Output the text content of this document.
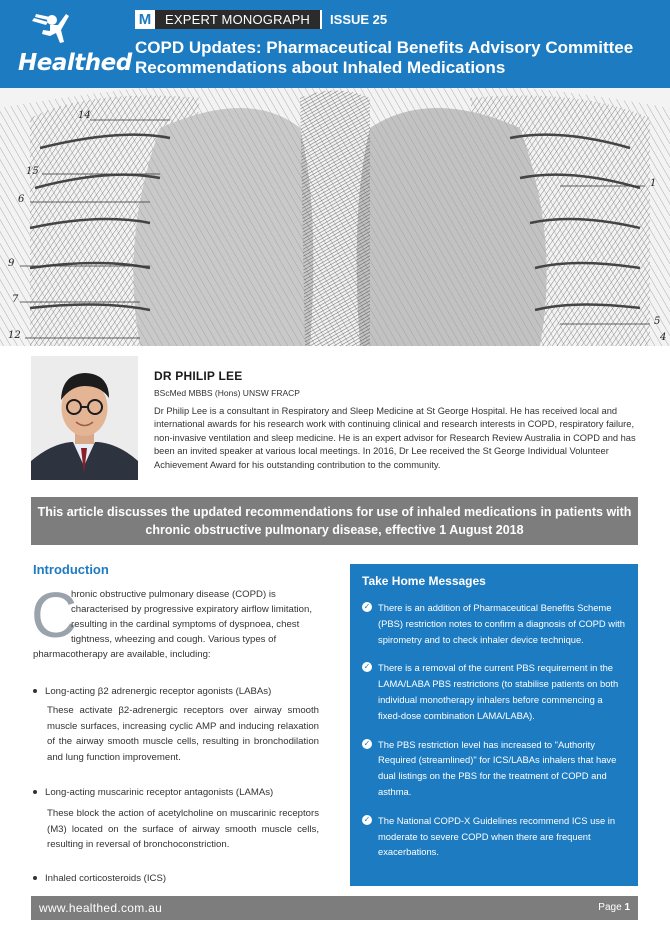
Healthed
M	EXPERT MONOGRAPH	ISSUE 25
COPD Updates: Pharmaceutical Benefits Advisory Committee Recommendations about Inhaled Medications
14
15
6
9
7
12
1
5
4
DR PHILIP LEE
BScMed MBBS (Hons) UNSW FRACP
Dr Philip Lee is a consultant in Respiratory and Sleep Medicine at St George Hospital. He has received local and international awards for his research work with continuing clinical and research interests in COPD, respiratory failure, non-invasive ventilation and sleep medicine. He is an expert advisor for Research Review Australia in COPD and has been an invited speaker at various local meetings. In 2016, Dr Lee received the St George Individual Volunteer Achievement Award for his outstanding contribution to the community.
This article discusses the updated recommendations for use of inhaled medications in patients with chronic obstructive pulmonary disease, effective 1 August 2018
Introduction
C
hronic obstructive pulmonary disease (COPD) is
characterised by progressive expiratory airflow limitation,
resulting in the cardinal symptoms of dyspnoea, chest
tightness, wheezing and cough. Various types of
pharmacotherapy are available, including:
Long-acting β2 adrenergic receptor agonists (LABAs)
These activate β2-adrenergic receptors over airway smooth muscle surfaces, increasing cyclic AMP and inducing relaxation of the airway smooth muscle cells, resulting in bronchodilation and lung function improvement.
Long-acting muscarinic receptor antagonists (LAMAs)
These block the action of acetylcholine on muscarinic receptors (M3) located on the surface of airway smooth muscle cells, resulting in reversal of bronchoconstriction.
Inhaled corticosteroids (ICS)
Take Home Messages
✓ There is an addition of Pharmaceutical Benefits Scheme (PBS) restriction notes to confirm a diagnosis of COPD with spirometry and to check inhaler device technique.
✓ There is a removal of the current PBS requirement in the LAMA/LABA PBS restrictions (to stabilise patients on both individual monotherapy inhalers before commencing a fixed-dose combination LAMA/LABA).
✓ The PBS restriction level has increased to "Authority Required (streamlined)" for ICS/LABAs inhalers that have dual listings on the PBS for the treatment of COPD and asthma.
✓ The National COPD-X Guidelines recommend ICS use in moderate to severe COPD when there are frequent exacerbations.
www.healthed.com.au	Page 1
